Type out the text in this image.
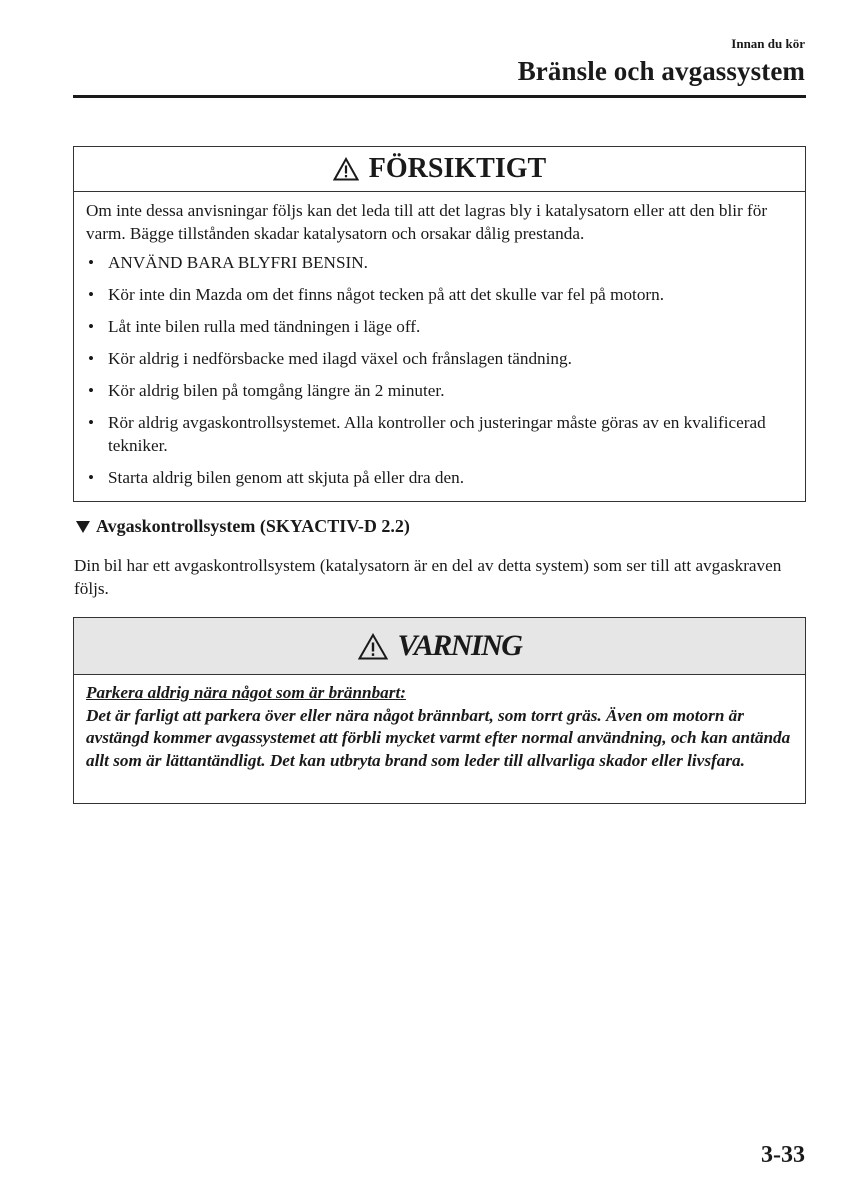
Innan du kör
Bränsle och avgassystem
FÖRSIKTIGT

Om inte dessa anvisningar följs kan det leda till att det lagras bly i katalysatorn eller att den blir för varm. Bägge tillstånden skadar katalysatorn och orsakar dålig prestanda.

• ANVÄND BARA BLYFRI BENSIN.
• Kör inte din Mazda om det finns något tecken på att det skulle var fel på motorn.
• Låt inte bilen rulla med tändningen i läge off.
• Kör aldrig i nedförsbacke med ilagd växel och frånslagen tändning.
• Kör aldrig bilen på tomgång längre än 2 minuter.
• Rör aldrig avgaskontrollsystemet. Alla kontroller och justeringar måste göras av en kvalificerad tekniker.
• Starta aldrig bilen genom att skjuta på eller dra den.
Avgaskontrollsystem (SKYACTIV-D 2.2)

Din bil har ett avgaskontrollsystem (katalysatorn är en del av detta system) som ser till att avgaskraven följs.

VARNING
Parkera aldrig nära något som är brännbart:
Det är farligt att parkera över eller nära något brännbart, som torrt gräs. Även om motorn är avstängd kommer avgassystemet att förbli mycket varmt efter normal användning, och kan antända allt som är lättantändligt. Det kan utbryta brand som leder till allvarliga skador eller livsfara.
3-33
